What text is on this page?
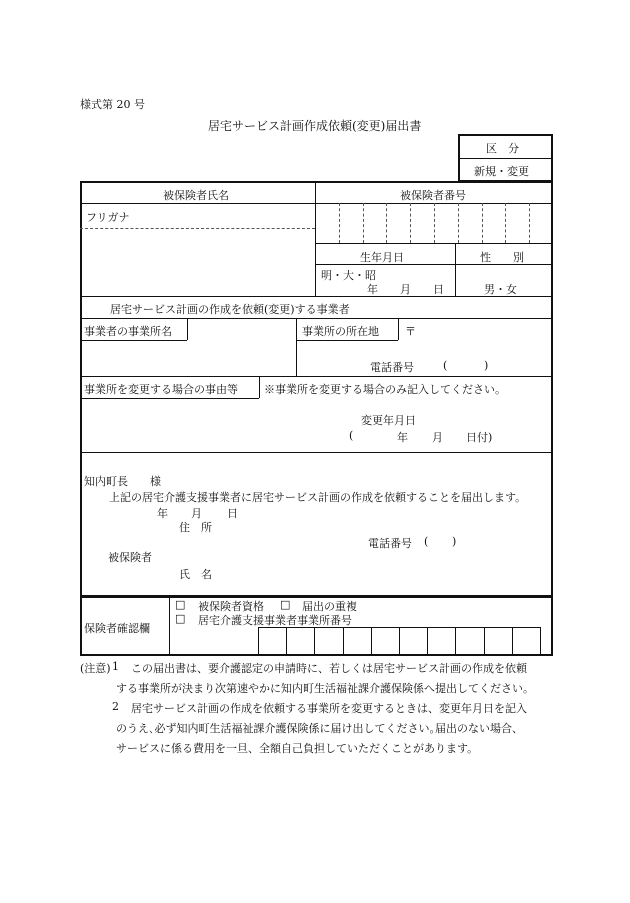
様式第 20 号
居宅サービス計画作成依頼(変更)届出書
区　分
新規・変更
被保険者氏名	被保険者番号
フリガナ
生年月日	性　　別
明・大・昭
年 月 日	男・女
居宅サービス計画の作成を依頼(変更)する事業者
事業者の事業所名	事業所の所在地 〒
電話番号	(	)
事業所を変更する場合の事由等 ※事業所を変更する場合のみ記入してください。
変更年月日
(	年 月 日付)
知内町長　　様
上記の居宅介護支援事業者に居宅サービス計画の作成を依頼することを届出します。
年 月 日
住　所
電話番号 ( )
被保険者
氏　名
保険者確認欄
□ 被保険者資格 □ 届出の重複
□ 居宅介護支援事業者事業所番号
(注意) 1 この届出書は、要介護認定の申請時に、若しくは居宅サービス計画の作成を依頼
する事業所が決まり次第速やかに知内町生活福祉課介護保険係へ提出してください。
2 居宅サービス計画の作成を依頼する事業所を変更するときは、変更年月日を記入
のうえ､必ず知内町生活福祉課介護保険係に届け出してください｡届出のない場合、
サービスに係る費用を一旦、全額自己負担していただくことがあります。
